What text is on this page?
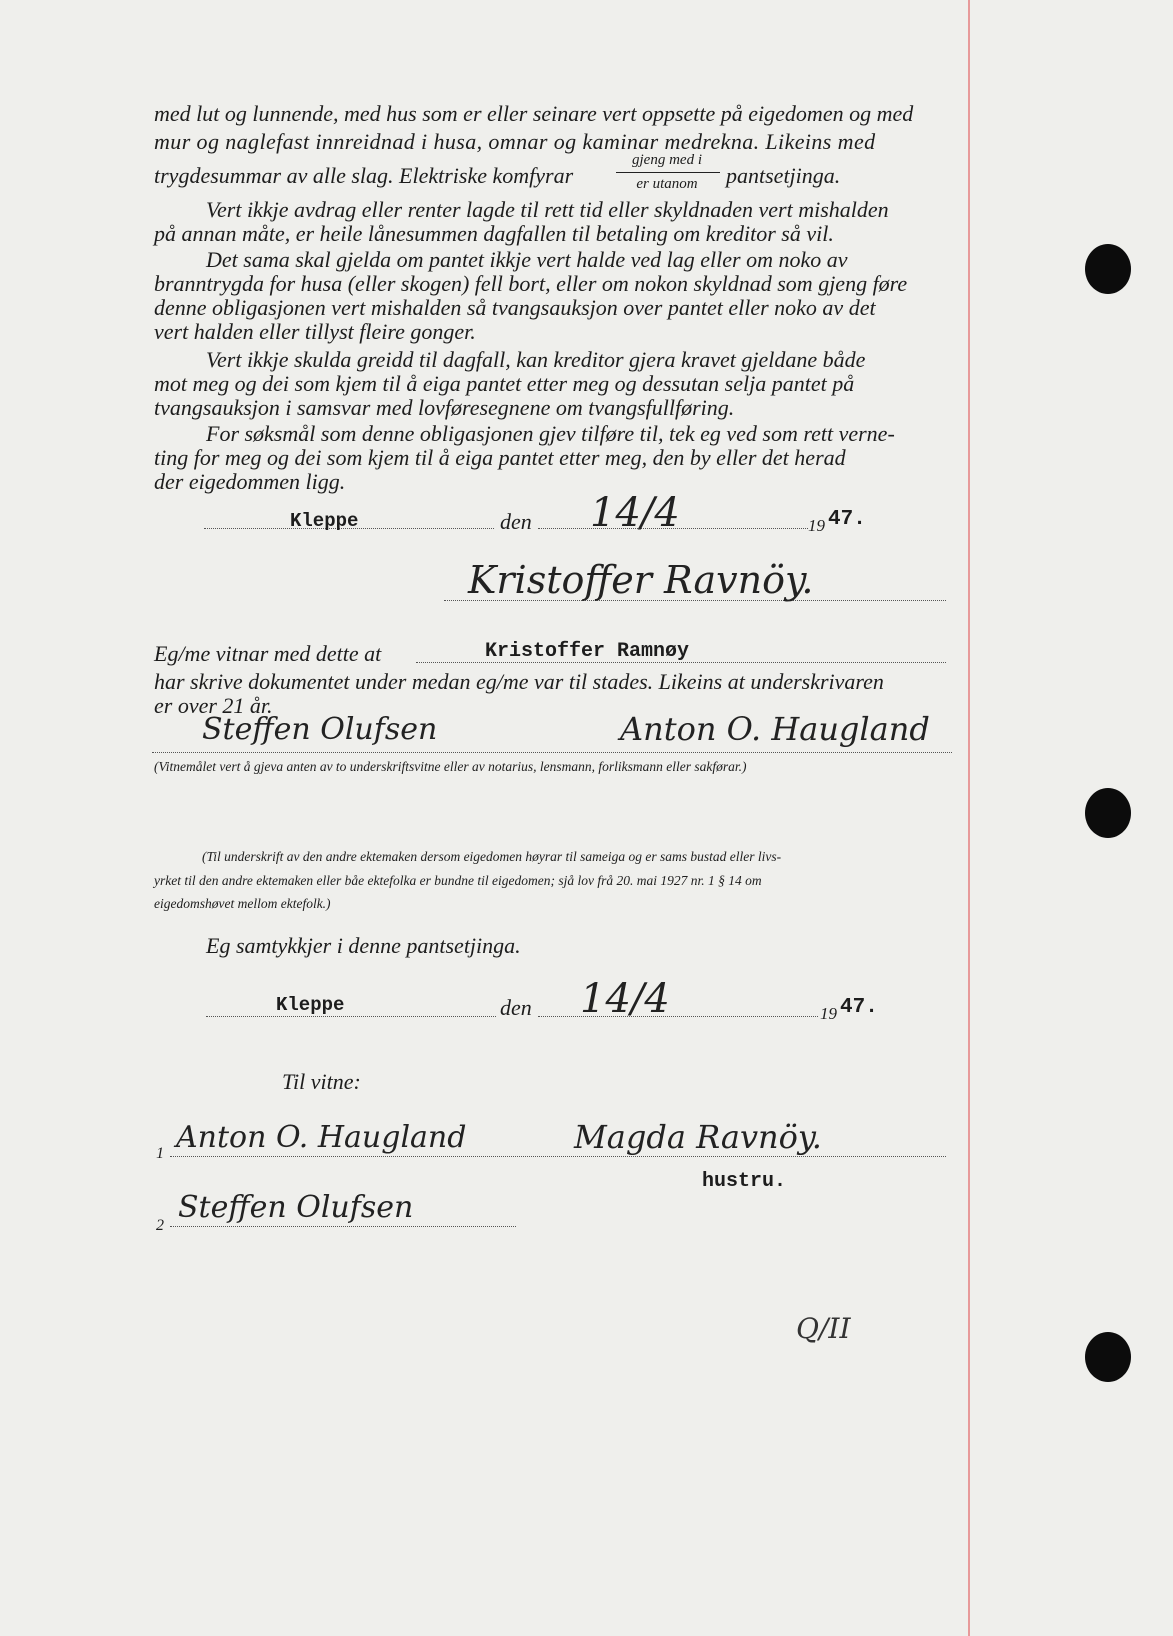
med lut og lunnende, med hus som er eller seinare vert oppsette på eigedomen og med
mur og naglefast innreidnad i husa, omnar og kaminar medrekna. Likeins med
trygdesummar av alle slag. Elektriske komfyrar
gjeng med i
er utanom	pantsetjinga.
Vert ikkje avdrag eller renter lagde til rett tid eller skyldnaden vert mishalden
på annan måte, er heile lånesummen dagfallen til betaling om kreditor så vil.
Det sama skal gjelda om pantet ikkje vert halde ved lag eller om noko av
branntrygda for husa (eller skogen) fell bort, eller om nokon skyldnad som gjeng føre
denne obligasjonen vert mishalden så tvangsauksjon over pantet eller noko av det
vert halden eller tillyst fleire gonger.
Vert ikkje skulda greidd til dagfall, kan kreditor gjera kravet gjeldane både
mot meg og dei som kjem til å eiga pantet etter meg og dessutan selja pantet på
tvangsauksjon i samsvar med lovføresegnene om tvangsfullføring.
For søksmål som denne obligasjonen gjev tilføre til, tek eg ved som rett verne-
ting for meg og dei som kjem til å eiga pantet etter meg, den by eller det herad
der eigedommen ligg.
Kleppe	den 14/4	19 47.
Kristoffer Ravnöy.
Eg/me vitnar med dette at	Kristoffer Ramnøy
har skrive dokumentet under medan eg/me var til stades. Likeins at underskrivaren
er over 21 år.
Steffen Olufsen	Anton O. Haugland
(Vitnemålet vert å gjeva anten av to underskriftsvitne eller av notarius, lensmann, forliksmann eller sakførar.)
(Til underskrift av den andre ektemaken dersom eigedomen høyrar til sameiga og er sams bustad eller livs-
yrket til den andre ektemaken eller båe ektefolka er bundne til eigedomen; sjå lov frå 20. mai 1927 nr. 1 § 14 om
eigedomshøvet mellom ektefolk.)
Eg samtykkjer i denne pantsetjinga.
Kleppe	den 14/4	19 47.
Til vitne:
1 Anton O. Haugland	Magda Ravnöy.
hustru.
2
Steffen Olufsen
Q/II
